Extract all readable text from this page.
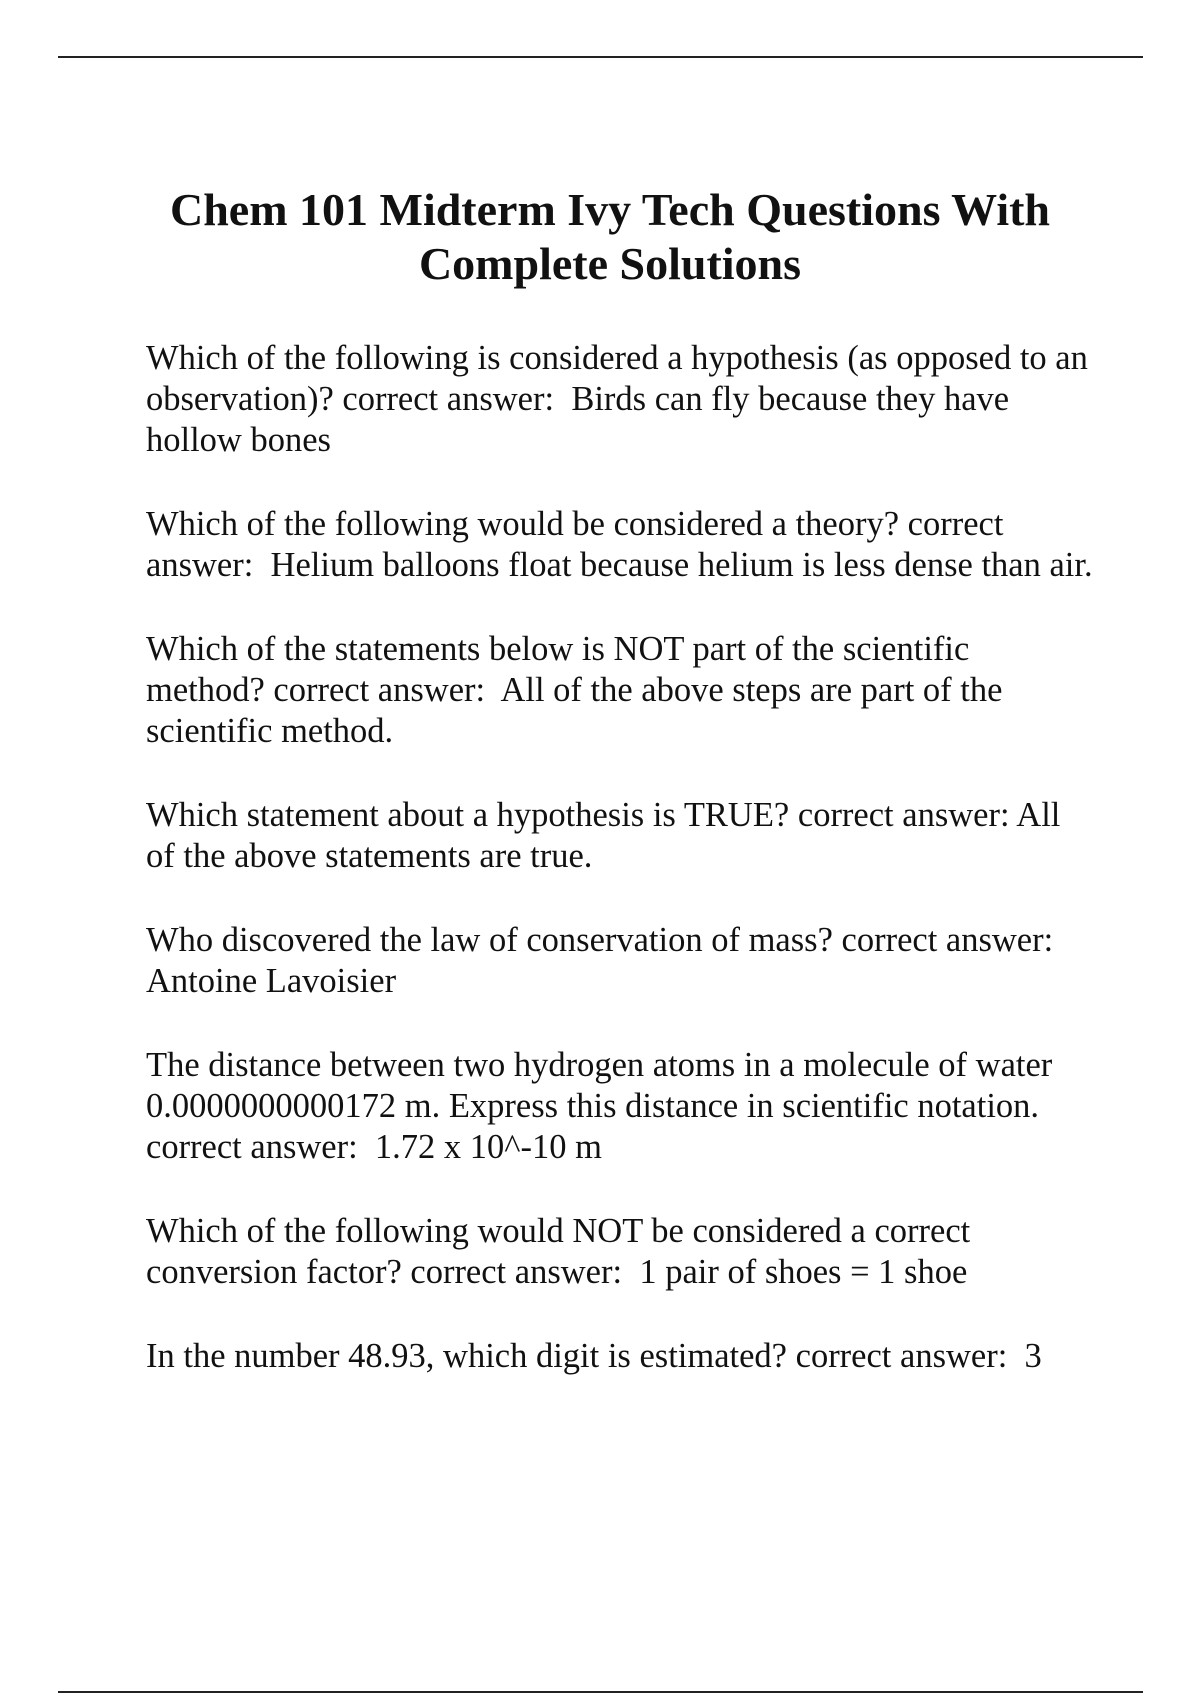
Chem 101 Midterm Ivy Tech Questions With Complete Solutions
Which of the following is considered a hypothesis (as opposed to an observation)? correct answer: Birds can fly because they have hollow bones
Which of the following would be considered a theory? correct answer: Helium balloons float because helium is less dense than air.
Which of the statements below is NOT part of the scientific method? correct answer: All of the above steps are part of the scientific method.
Which statement about a hypothesis is TRUE? correct answer: All of the above statements are true.
Who discovered the law of conservation of mass? correct answer:  Antoine Lavoisier
The distance between two hydrogen atoms in a molecule of water 0.0000000000172 m. Express this distance in scientific notation.correct answer: 1.72 x 10^-10 m
Which of the following would NOT be considered a correct conversion factor? correct answer: 1 pair of shoes = 1 shoe
In the number 48.93, which digit is estimated? correct answer: 3
